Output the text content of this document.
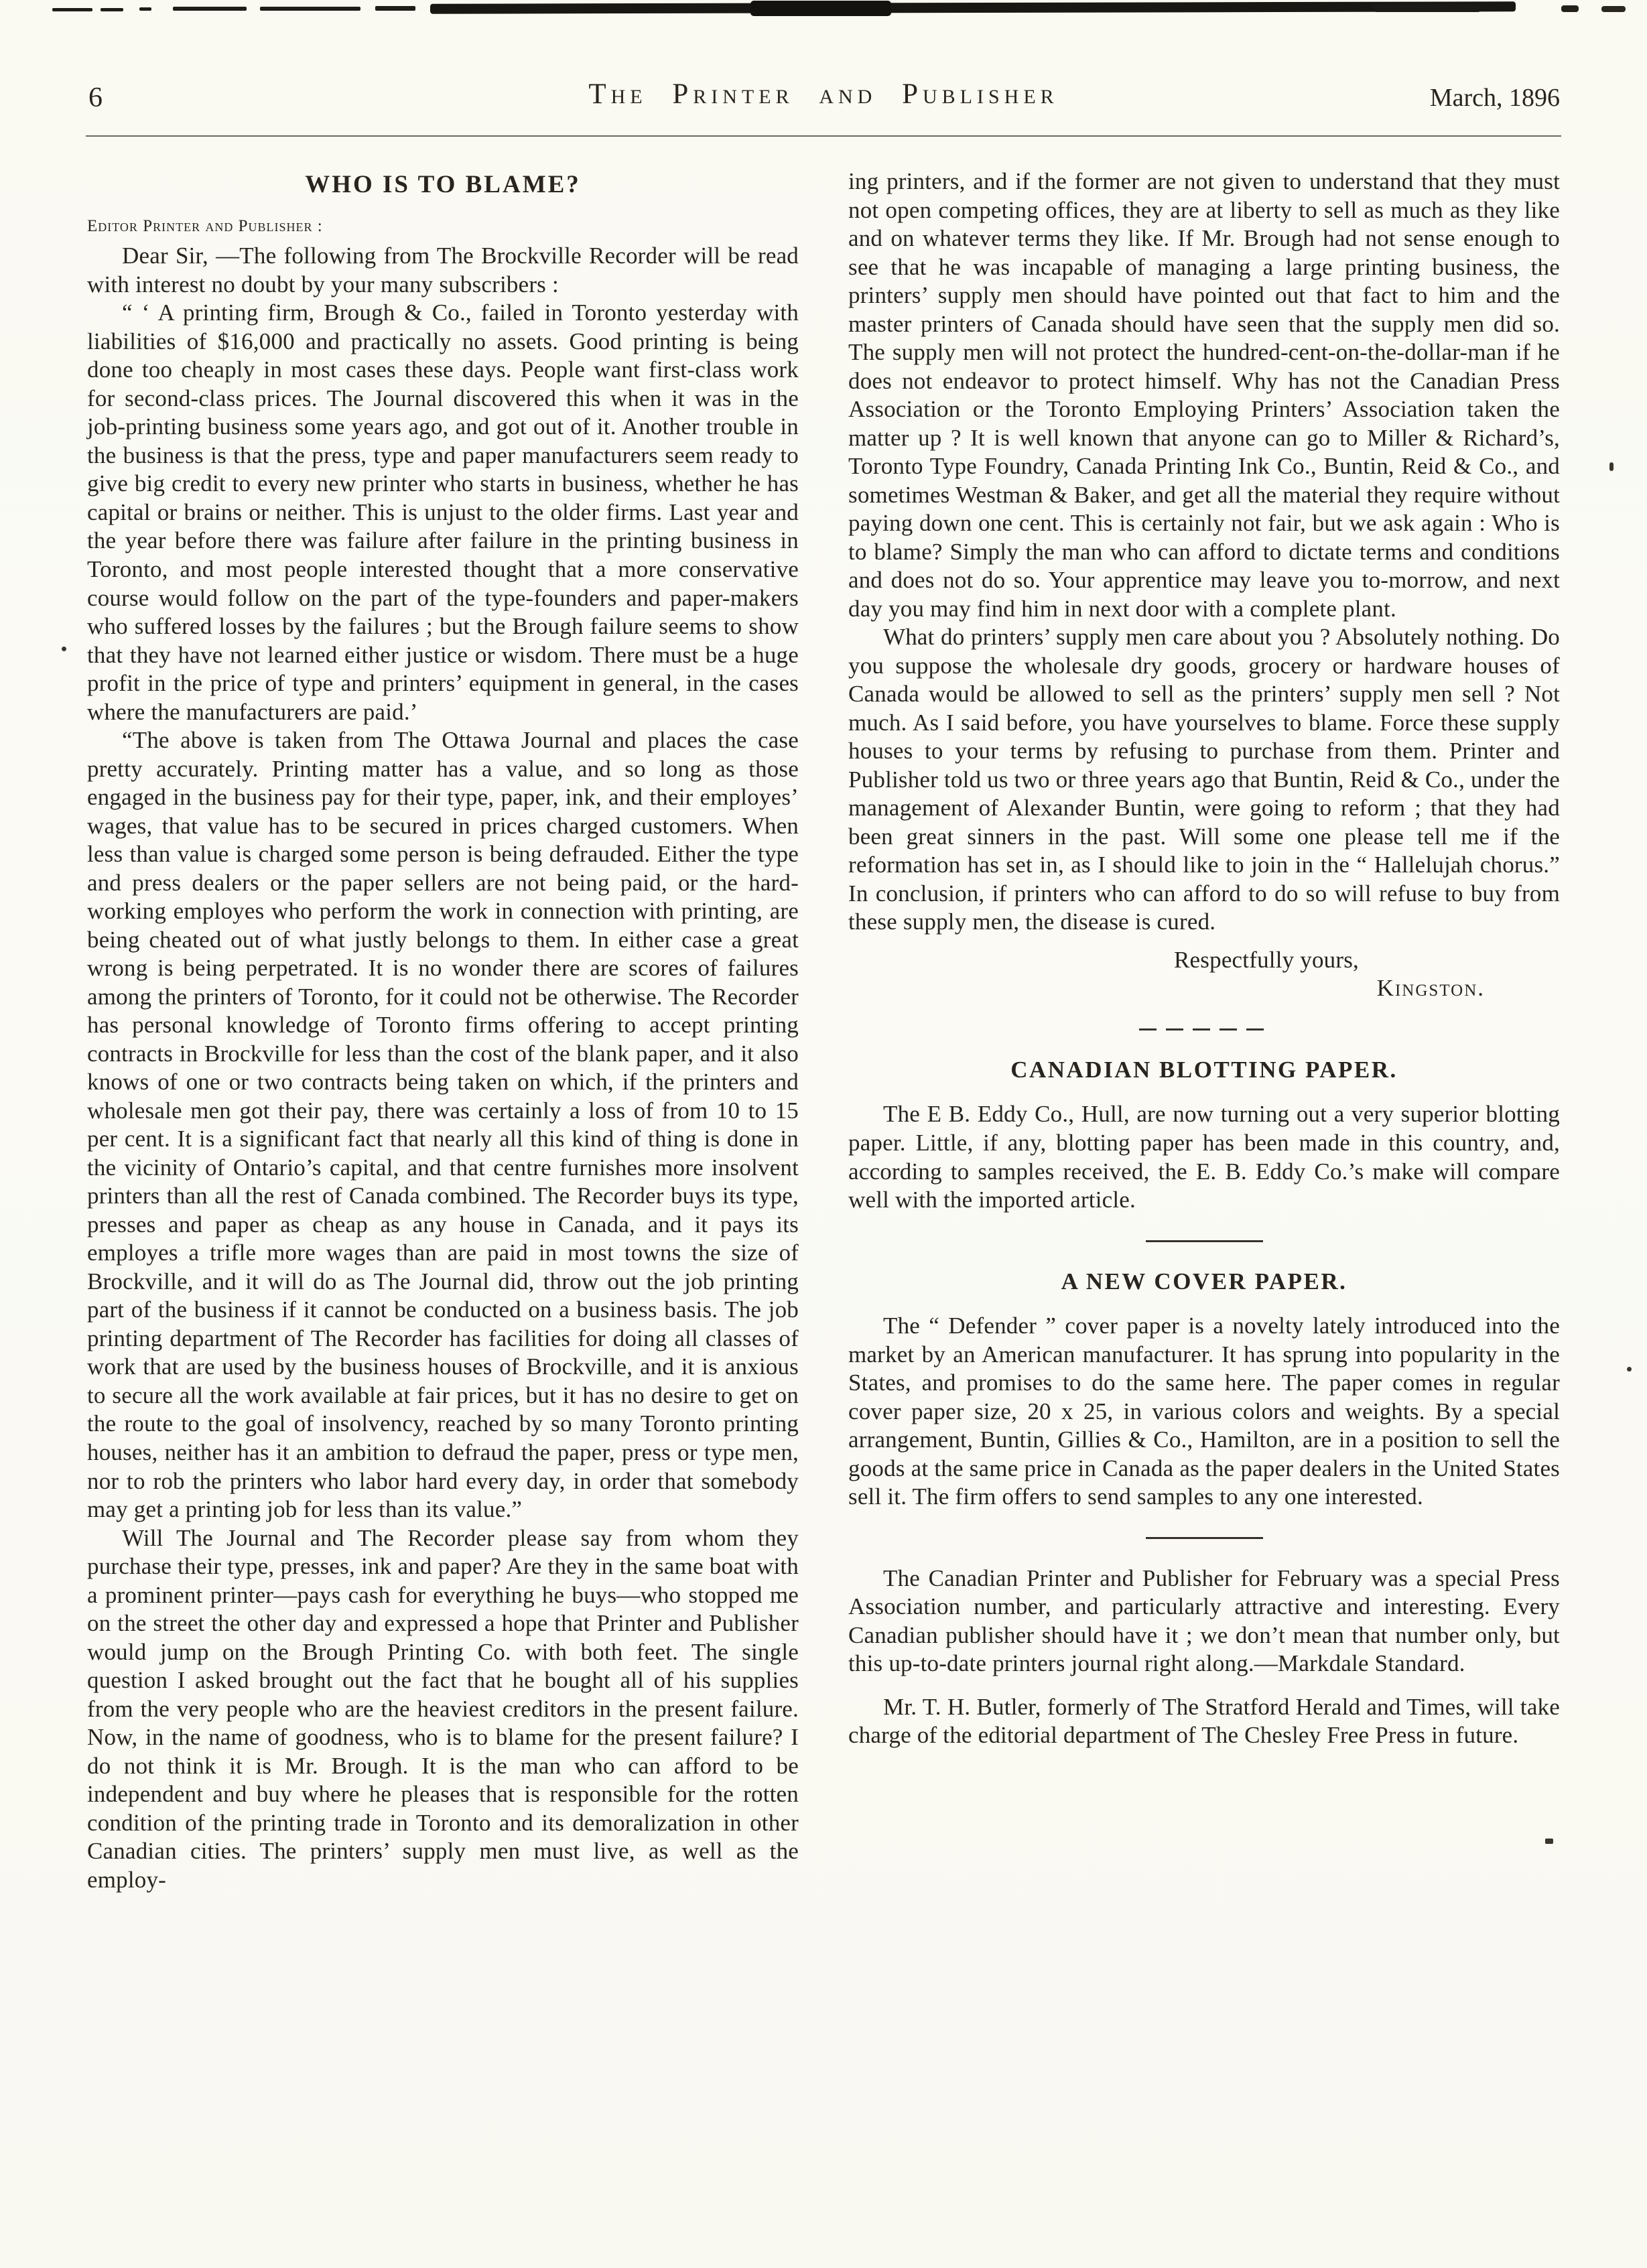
6	The Printer and Publisher	March, 1896
WHO IS TO BLAME?

Editor Printer and Publisher :

Dear Sir, —The following from The Brockville Recorder will be read with interest no doubt by your many subscribers :

“ ‘ A printing firm, Brough & Co., failed in Toronto yesterday with liabilities of $16,000 and practically no assets. Good printing is being done too cheaply in most cases these days. People want first-class work for second-class prices. The Journal discovered this when it was in the job-printing business some years ago, and got out of it. Another trouble in the business is that the press, type and paper manufacturers seem ready to give big credit to every new printer who starts in business, whether he has capital or brains or neither. This is unjust to the older firms. Last year and the year before there was failure after failure in the printing business in Toronto, and most people interested thought that a more conservative course would follow on the part of the type-founders and paper-makers who suffered losses by the failures ; but the Brough failure seems to show that they have not learned either justice or wisdom. There must be a huge profit in the price of type and printers’ equipment in general, in the cases where the manufacturers are paid.’

“The above is taken from The Ottawa Journal and places the case pretty accurately. Printing matter has a value, and so long as those engaged in the business pay for their type, paper, ink, and their employes’ wages, that value has to be secured in prices charged customers. When less than value is charged some person is being defrauded. Either the type and press dealers or the paper sellers are not being paid, or the hard-working employes who perform the work in connection with printing, are being cheated out of what justly belongs to them. In either case a great wrong is being perpetrated. It is no wonder there are scores of failures among the printers of Toronto, for it could not be otherwise. The Recorder has personal knowledge of Toronto firms offering to accept printing contracts in Brockville for less than the cost of the blank paper, and it also knows of one or two contracts being taken on which, if the printers and wholesale men got their pay, there was certainly a loss of from 10 to 15 per cent. It is a significant fact that nearly all this kind of thing is done in the vicinity of Ontario’s capital, and that centre furnishes more insolvent printers than all the rest of Canada combined. The Recorder buys its type, presses and paper as cheap as any house in Canada, and it pays its employes a trifle more wages than are paid in most towns the size of Brockville, and it will do as The Journal did, throw out the job printing part of the business if it cannot be conducted on a business basis. The job printing department of The Recorder has facilities for doing all classes of work that are used by the business houses of Brockville, and it is anxious to secure all the work available at fair prices, but it has no desire to get on the route to the goal of insolvency, reached by so many Toronto printing houses, neither has it an ambition to defraud the paper, press or type men, nor to rob the printers who labor hard every day, in order that somebody may get a printing job for less than its value.”

Will The Journal and The Recorder please say from whom they purchase their type, presses, ink and paper? Are they in the same boat with a prominent printer—pays cash for everything he buys—who stopped me on the street the other day and expressed a hope that Printer and Publisher would jump on the Brough Printing Co. with both feet. The single question I asked brought out the fact that he bought all of his supplies from the very people who are the heaviest creditors in the present failure. Now, in the name of goodness, who is to blame for the present failure? I do not think it is Mr. Brough. It is the man who can afford to be independent and buy where he pleases that is responsible for the rotten condition of the printing trade in Toronto and its demoralization in other Canadian cities. The printers’ supply men must live, as well as the employ-

ing printers, and if the former are not given to understand that they must not open competing offices, they are at liberty to sell as much as they like and on whatever terms they like. If Mr. Brough had not sense enough to see that he was incapable of managing a large printing business, the printers’ supply men should have pointed out that fact to him and the master printers of Canada should have seen that the supply men did so. The supply men will not protect the hundred-cent-on-the-dollar-man if he does not endeavor to protect himself. Why has not the Canadian Press Association or the Toronto Employing Printers’ Association taken the matter up ? It is well known that anyone can go to Miller & Richard’s, Toronto Type Foundry, Canada Printing Ink Co., Buntin, Reid & Co., and sometimes Westman & Baker, and get all the material they require without paying down one cent. This is certainly not fair, but we ask again : Who is to blame? Simply the man who can afford to dictate terms and conditions and does not do so. Your apprentice may leave you to-morrow, and next day you may find him in next door with a complete plant.

What do printers’ supply men care about you ? Absolutely nothing. Do you suppose the wholesale dry goods, grocery or hardware houses of Canada would be allowed to sell as the printers’ supply men sell ? Not much. As I said before, you have yourselves to blame. Force these supply houses to your terms by refusing to purchase from them. Printer and Publisher told us two or three years ago that Buntin, Reid & Co., under the management of Alexander Buntin, were going to reform ; that they had been great sinners in the past. Will some one please tell me if the reformation has set in, as I should like to join in the “ Hallelujah chorus.” In conclusion, if printers who can afford to do so will refuse to buy from these supply men, the disease is cured.

Respectfully yours,
Kingston.
CANADIAN BLOTTING PAPER.

The E B. Eddy Co., Hull, are now turning out a very superior blotting paper. Little, if any, blotting paper has been made in this country, and, according to samples received, the E. B. Eddy Co.’s make will compare well with the imported article.

A NEW COVER PAPER.

The “ Defender ” cover paper is a novelty lately introduced into the market by an American manufacturer. It has sprung into popularity in the States, and promises to do the same here. The paper comes in regular cover paper size, 20 x 25, in various colors and weights. By a special arrangement, Buntin, Gillies & Co., Hamilton, are in a position to sell the goods at the same price in Canada as the paper dealers in the United States sell it. The firm offers to send samples to any one interested.

The Canadian Printer and Publisher for February was a special Press Association number, and particularly attractive and interesting. Every Canadian publisher should have it ; we don’t mean that number only, but this up-to-date printers journal right along.—Markdale Standard.

Mr. T. H. Butler, formerly of The Stratford Herald and Times, will take charge of the editorial department of The Chesley Free Press in future.
